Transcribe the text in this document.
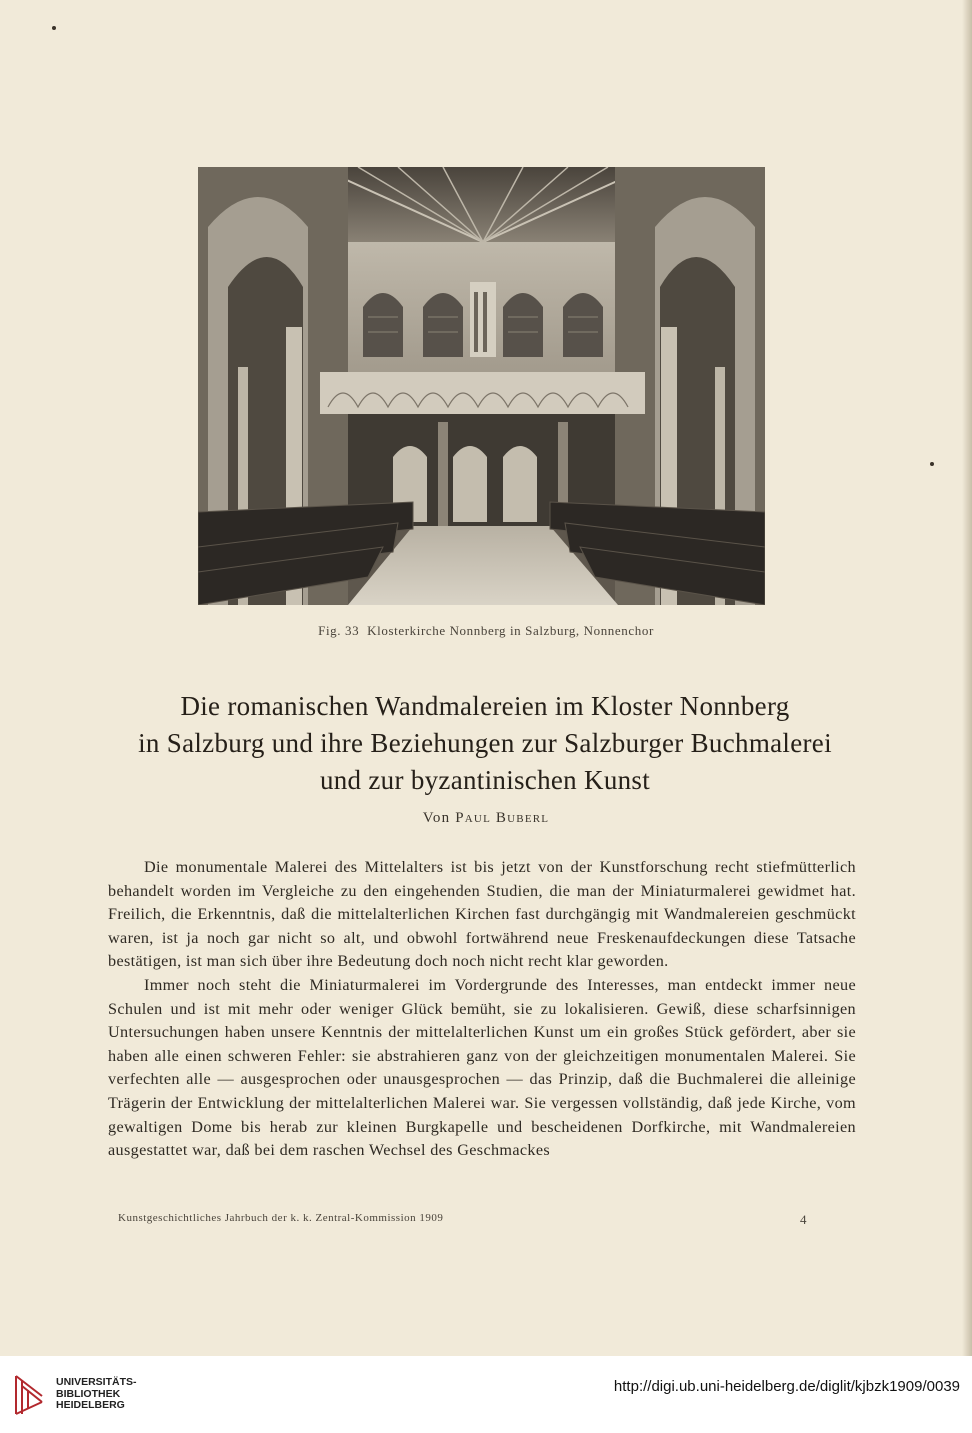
Fig. 33 Klosterkirche Nonnberg in Salzburg, Nonnenchor
Die romanischen Wandmalereien im Kloster Nonnberg
in Salzburg und ihre Beziehungen zur Salzburger Buchmalerei
und zur byzantinischen Kunst
Von Paul Buberl

Die monumentale Malerei des Mittelalters ist bis jetzt von der Kunstforschung recht stiefmütterlich behandelt worden im Vergleiche zu den eingehenden Studien, die man der Miniaturmalerei gewidmet hat. Freilich, die Erkenntnis, daß die mittelalterlichen Kirchen fast durchgängig mit Wandmalereien geschmückt waren, ist ja noch gar nicht so alt, und obwohl fortwährend neue Freskenaufdeckungen diese Tatsache bestätigen, ist man sich über ihre Bedeutung doch noch nicht recht klar geworden.

Immer noch steht die Miniaturmalerei im Vordergrunde des Interesses, man entdeckt immer neue Schulen und ist mit mehr oder weniger Glück bemüht, sie zu lokalisieren. Gewiß, diese scharfsinnigen Untersuchungen haben unsere Kenntnis der mittelalterlichen Kunst um ein großes Stück gefördert, aber sie haben alle einen schweren Fehler: sie abstrahieren ganz von der gleichzeitigen monumentalen Malerei. Sie verfechten alle — ausgesprochen oder unausgesprochen — das Prinzip, daß die Buchmalerei die alleinige Trägerin der Entwicklung der mittelalterlichen Malerei war. Sie vergessen vollständig, daß jede Kirche, vom gewaltigen Dome bis herab zur kleinen Burgkapelle und bescheidenen Dorfkirche, mit Wandmalereien ausgestattet war, daß bei dem raschen Wechsel des Geschmackes

Kunstgeschichtliches Jahrbuch der k. k. Zentral-Kommission 1909	4
UNIVERSITÄTS-
BIBLIOTHEK
HEIDELBERG
http://digi.ub.uni-heidelberg.de/diglit/kjbzk1909/0039
